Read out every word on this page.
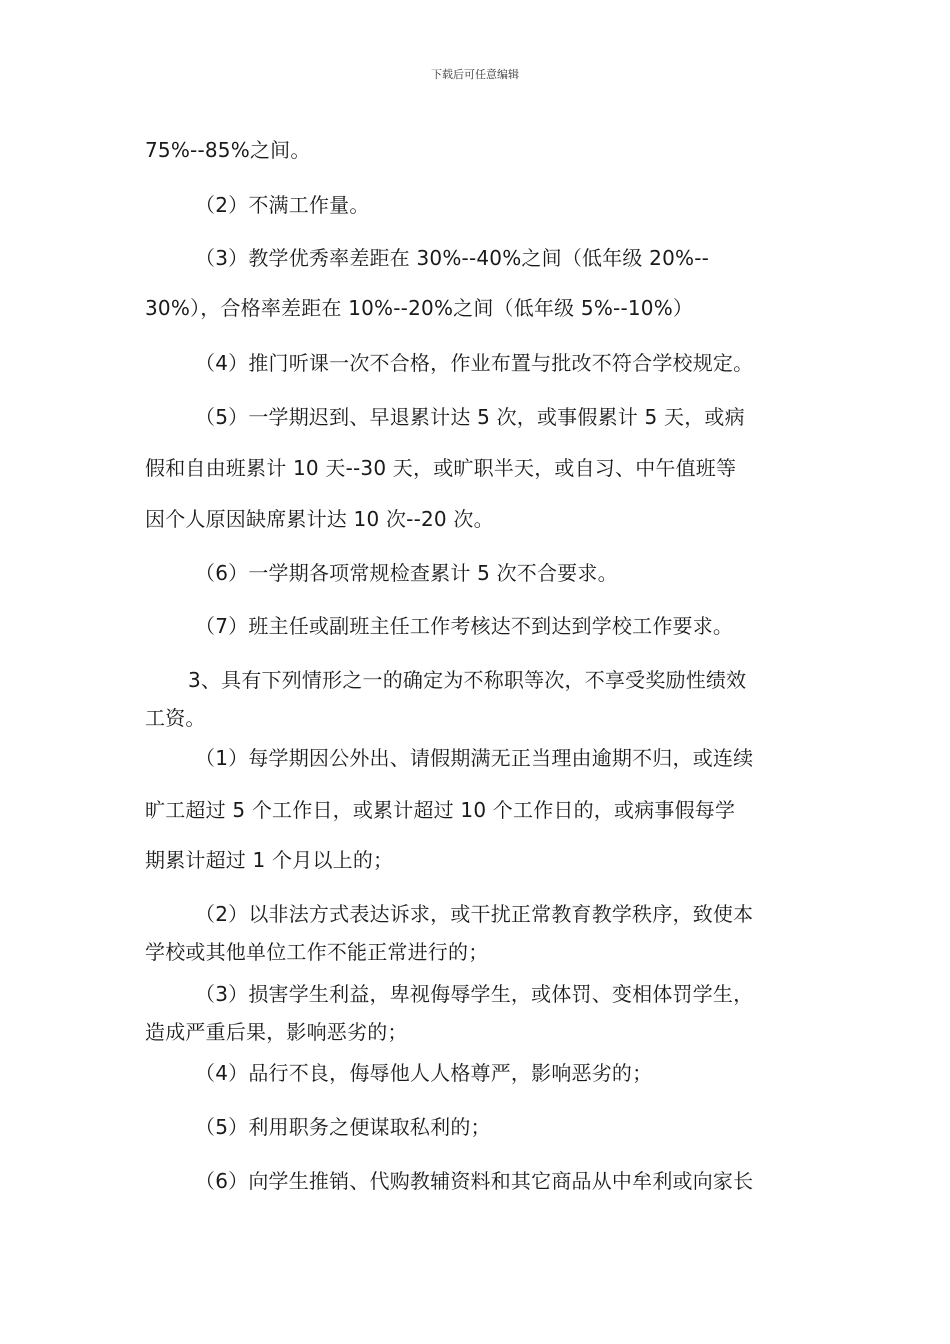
下载后可任意编辑
75%--85%之间。
（2）不满工作量。
（3）教学优秀率差距在 30%--40%之间（低年级 20%--
30%），合格率差距在 10%--20%之间（低年级 5%--10%）
（4）推门听课一次不合格，作业布置与批改不符合学校规定。
（5）一学期迟到、早退累计达 5 次，或事假累计 5 天，或病
假和自由班累计 10 天--30 天，或旷职半天，或自习、中午值班等
因个人原因缺席累计达 10 次--20 次。
（6）一学期各项常规检查累计 5 次不合要求。
（7）班主任或副班主任工作考核达不到达到学校工作要求。
3、具有下列情形之一的确定为不称职等次，不享受奖励性绩效
工资。
（1）每学期因公外出、请假期满无正当理由逾期不归，或连续
旷工超过 5 个工作日，或累计超过 10 个工作日的，或病事假每学
期累计超过 1 个月以上的；
（2）以非法方式表达诉求，或干扰正常教育教学秩序，致使本
学校或其他单位工作不能正常进行的；
（3）损害学生利益，卑视侮辱学生，或体罚、变相体罚学生，
造成严重后果，影响恶劣的；
（4）品行不良，侮辱他人人格尊严，影响恶劣的；
（5）利用职务之便谋取私利的；
（6）向学生推销、代购教辅资料和其它商品从中牟利或向家长
